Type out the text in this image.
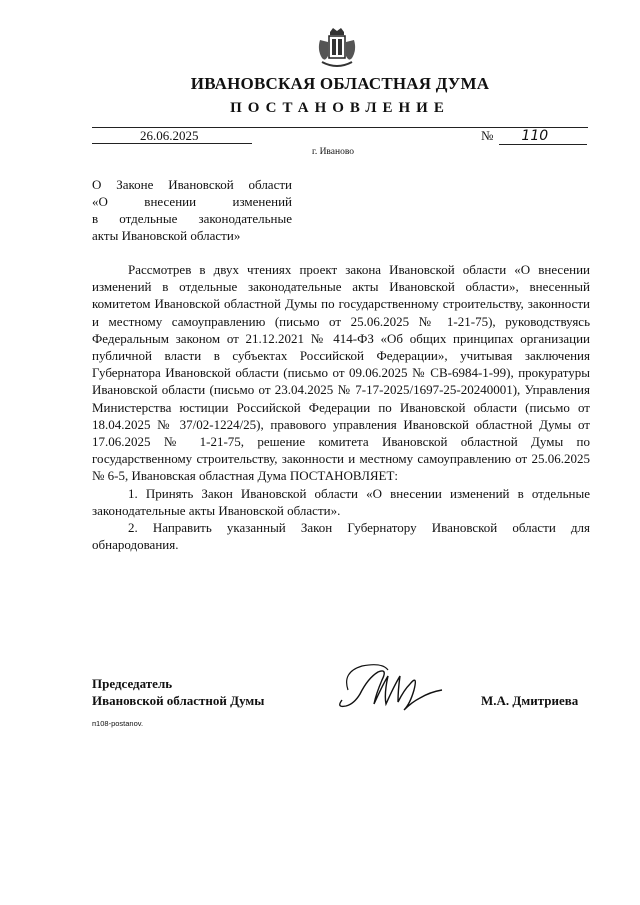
ИВАНОВСКАЯ ОБЛАСТНАЯ ДУМА
ПОСТАНОВЛЕНИЕ
26.06.2025	№ 110
г. Иваново
О Законе Ивановской области
«О внесении изменений
в отдельные законодательные
акты Ивановской области»

Рассмотрев в двух чтениях проект закона Ивановской области «О внесении изменений в отдельные законодательные акты Ивановской области», внесенный комитетом Ивановской областной Думы по государственному строительству, законности и местному самоуправлению (письмо от 25.06.2025 № 1-21-75), руководствуясь Федеральным законом от 21.12.2021 № 414-ФЗ «Об общих принципах организации публичной власти в субъектах Российской Федерации», учитывая заключения Губернатора Ивановской области (письмо от 09.06.2025 № СВ-6984-1-99), прокуратуры Ивановской области (письмо от 23.04.2025 № 7-17-2025/1697-25-20240001), Управления Министерства юстиции Российской Федерации по Ивановской области (письмо от 18.04.2025 № 37/02-1224/25), правового управления Ивановской областной Думы от 17.06.2025 № 1-21-75, решение комитета Ивановской областной Думы по государственному строительству, законности и местному самоуправлению от 25.06.2025 № 6-5, Ивановская областная Дума ПОСТАНОВЛЯЕТ:

1. Принять Закон Ивановской области «О внесении изменений в отдельные законодательные акты Ивановской области».

2. Направить указанный Закон Губернатору Ивановской области для обнародования.

Председатель
Ивановской областной Думы	М.А. Дмитриева
п108-postanov.
